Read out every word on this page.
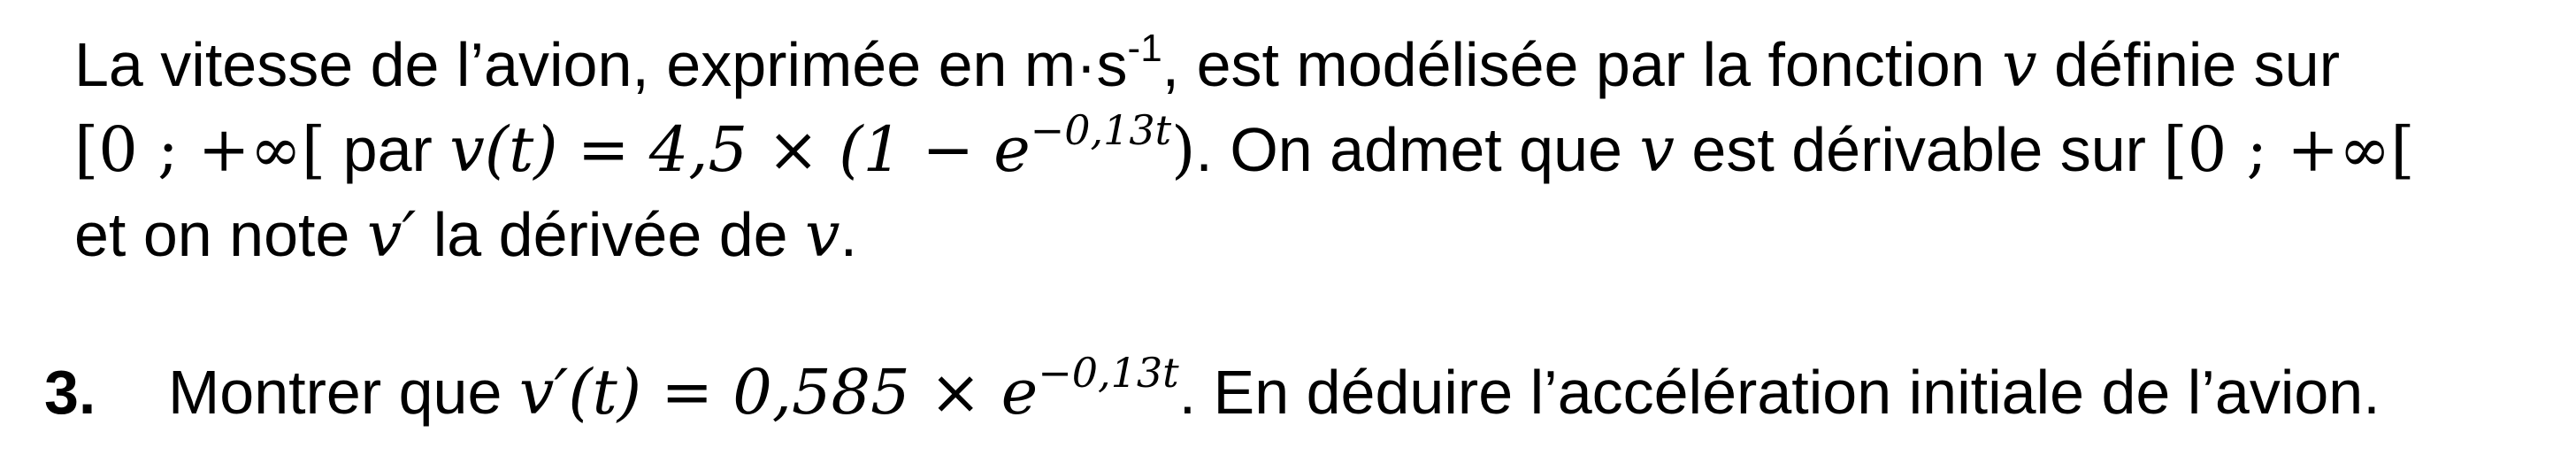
La vitesse de l’avion, exprimée en $m\cdot s^{-1}$, est modélisée par la fonction v définie sur
[0 ; +∞[ par $v(t) = 4,5 \times (1 - e^{-0,13t})$. On admet que v est dérivable sur [0 ; +∞[
et on note v′ la dérivée de v.
3. Montrer que $v'(t) = 0,585 \times e^{-0,13t}$. En déduire l’accélération initiale de l’avion.
